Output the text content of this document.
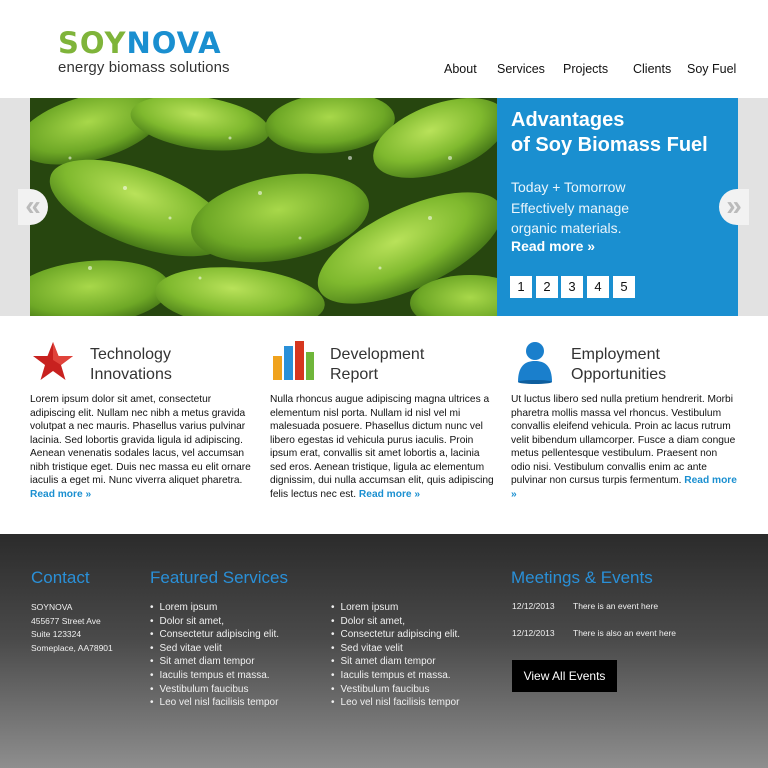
SOYNOVA
energy biomass solutions	About Services Projects Clients Soy Fuel
Advantages
of Soy Biomass Fuel
Today + Tomorrow
Effectively manage
organic materials.
Read more »
1	2	3	4	5
«	»
Technology
Innovations
Lorem ipsum dolor sit amet, consectetur adipiscing elit. Nullam nec nibh a metus gravida volutpat a nec mauris. Phasellus varius pulvinar lacinia. Sed lobortis gravida ligula id adipiscing. Aenean venenatis sodales lacus, vel accumsan nibh tristique eget. Duis nec massa eu elit ornare iaculis a eget mi. Nunc viverra aliquet pharetra. Read more »
Development
Report
Nulla rhoncus augue adipiscing magna ultrices a elementum nisl porta. Nullam id nisl vel mi malesuada posuere. Phasellus dictum nunc vel libero egestas id vehicula purus iaculis. Proin ipsum erat, convallis sit amet lobortis a, lacinia sed eros. Aenean tristique, ligula ac elementum dignissim, dui nulla accumsan elit, quis adipiscing felis lectus nec est. Read more »
Employment
Opportunities
Ut luctus libero sed nulla pretium hendrerit. Morbi pharetra mollis massa vel rhoncus. Vestibulum convallis eleifend vehicula. Proin ac lacus rutrum velit bibendum ullamcorper. Fusce a diam congue metus pellentesque vestibulum. Praesent non odio nisi. Vestibulum convallis enim ac ante pulvinar non cursus turpis fermentum. Read more »
Contact
SOYNOVA
455677 Street Ave
Suite 123324
Someplace, AA78901
Featured Services
• Lorem ipsum
• Dolor sit amet,
• Consectetur adipiscing elit.
• Sed vitae velit
• Sit amet diam tempor
• Iaculis tempus et massa.
• Vestibulum faucibus
• Leo vel nisl facilisis tempor
• Lorem ipsum
• Dolor sit amet,
• Consectetur adipiscing elit.
• Sed vitae velit
• Sit amet diam tempor
• Iaculis tempus et massa.
• Vestibulum faucibus
• Leo vel nisl facilisis tempor
Meetings & Events
12/12/2013 There is an event here
12/12/2013 There is also an event here
View All Events
